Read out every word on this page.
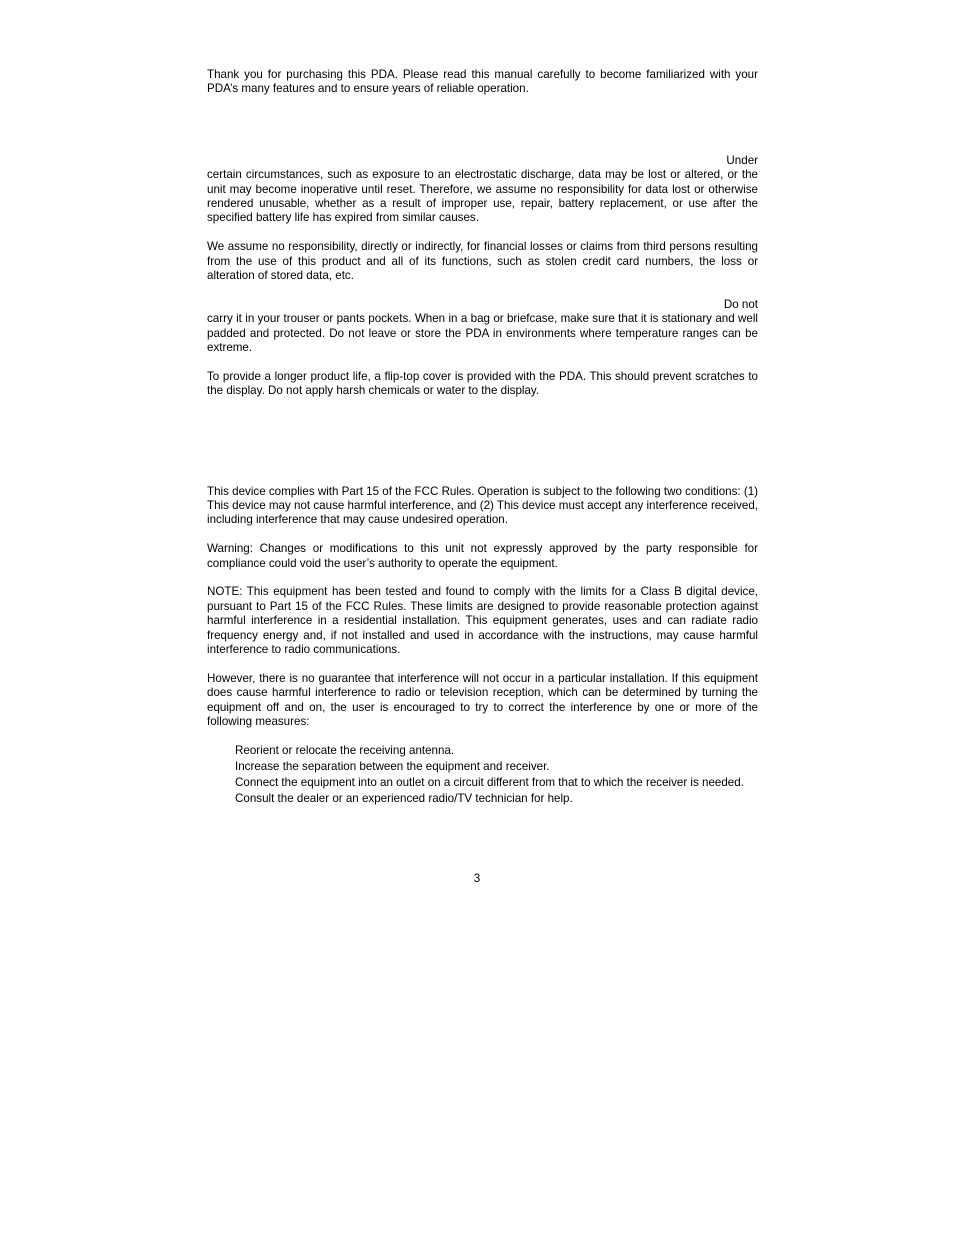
Thank you for purchasing this PDA. Please read this manual carefully to become familiarized with your PDA’s many features and to ensure years of reliable operation.

Under

certain circumstances, such as exposure to an electrostatic discharge, data may be lost or altered, or the unit may become inoperative until reset. Therefore, we assume no responsibility for data lost or otherwise rendered unusable, whether as a result of improper use, repair, battery replacement, or use after the specified battery life has expired from similar causes.

We assume no responsibility, directly or indirectly, for financial losses or claims from third persons resulting from the use of this product and all of its functions, such as stolen credit card numbers, the loss or alteration of stored data, etc.

Do not

carry it in your trouser or pants pockets. When in a bag or briefcase, make sure that it is stationary and well padded and protected. Do not leave or store the PDA in environments where temperature ranges can be extreme.

To provide a longer product life, a flip-top cover is provided with the PDA. This should prevent scratches to the display. Do not apply harsh chemicals or water to the display.

This device complies with Part 15 of the FCC Rules. Operation is subject to the following two conditions: (1) This device may not cause harmful interference, and (2) This device must accept any interference received, including interference that may cause undesired operation.

Warning: Changes or modifications to this unit not expressly approved by the party responsible for compliance could void the user’s authority to operate the equipment.

NOTE: This equipment has been tested and found to comply with the limits for a Class B digital device, pursuant to Part 15 of the FCC Rules. These limits are designed to provide reasonable protection against harmful interference in a residential installation. This equipment generates, uses and can radiate radio frequency energy and, if not installed and used in accordance with the instructions, may cause harmful interference to radio communications.

However, there is no guarantee that interference will not occur in a particular installation. If this equipment does cause harmful interference to radio or television reception, which can be determined by turning the equipment off and on, the user is encouraged to try to correct the interference by one or more of the following measures:

Reorient or relocate the receiving antenna.

Increase the separation between the equipment and receiver.

Connect the equipment into an outlet on a circuit different from that to which the receiver is needed.

Consult the dealer or an experienced radio/TV technician for help.

3
